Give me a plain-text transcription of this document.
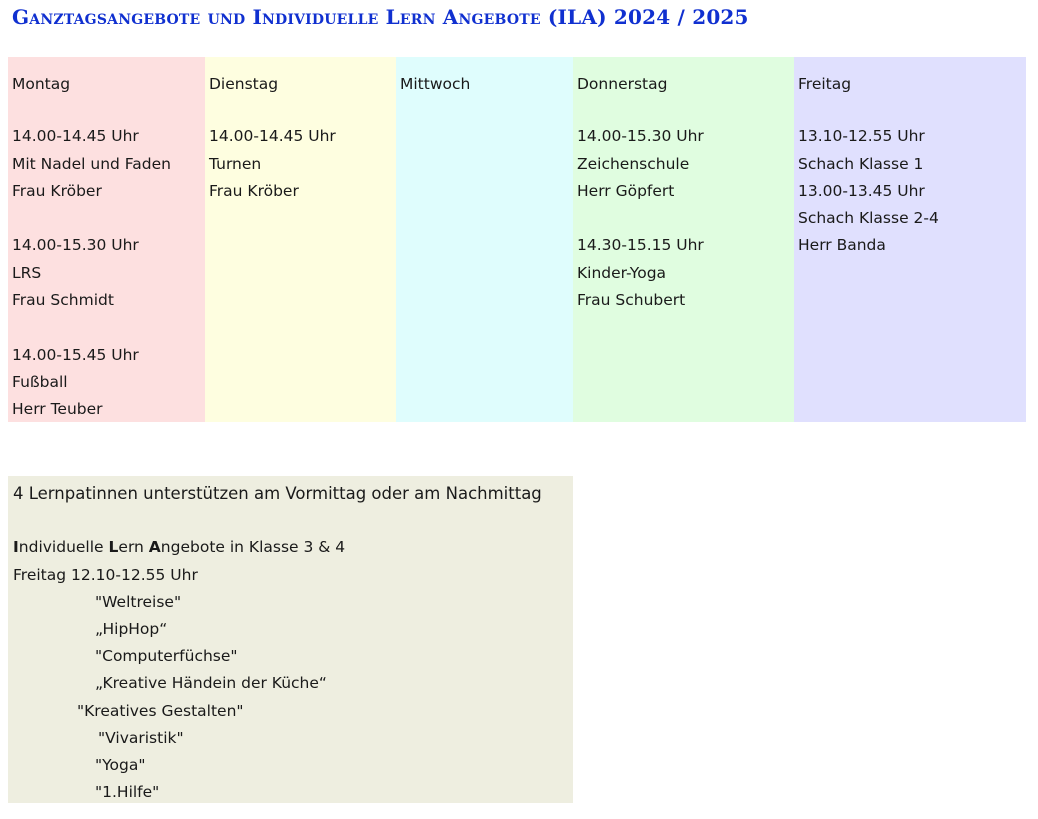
Ganztagsangebote und Individuelle Lern Angebote (ILA) 2024 / 2025
Montag
14.00-14.45 Uhr
Mit Nadel und Faden
Frau Kröber
14.00-15.30 Uhr
LRS
Frau Schmidt
14.00-15.45 Uhr
Fußball
Herr Teuber
Dienstag
14.00-14.45 Uhr
Turnen
Frau Kröber
Mittwoch	Donnerstag
14.00-15.30 Uhr
Zeichenschule
Herr Göpfert
14.30-15.15 Uhr
Kinder-Yoga
Frau Schubert
Freitag
13.10-12.55 Uhr
Schach Klasse 1
13.00-13.45 Uhr
Schach Klasse 2-4
Herr Banda
4 Lernpatinnen unterstützen am Vormittag oder am Nachmittag
Individuelle Lern Angebote in Klasse 3 & 4
Freitag 12.10-12.55 Uhr
"Weltreise"
„HipHop“
"Computerfüchse"
„Kreative Händein der Küche“
"Kreatives Gestalten"
"Vivaristik"
"Yoga"
"1.Hilfe"
